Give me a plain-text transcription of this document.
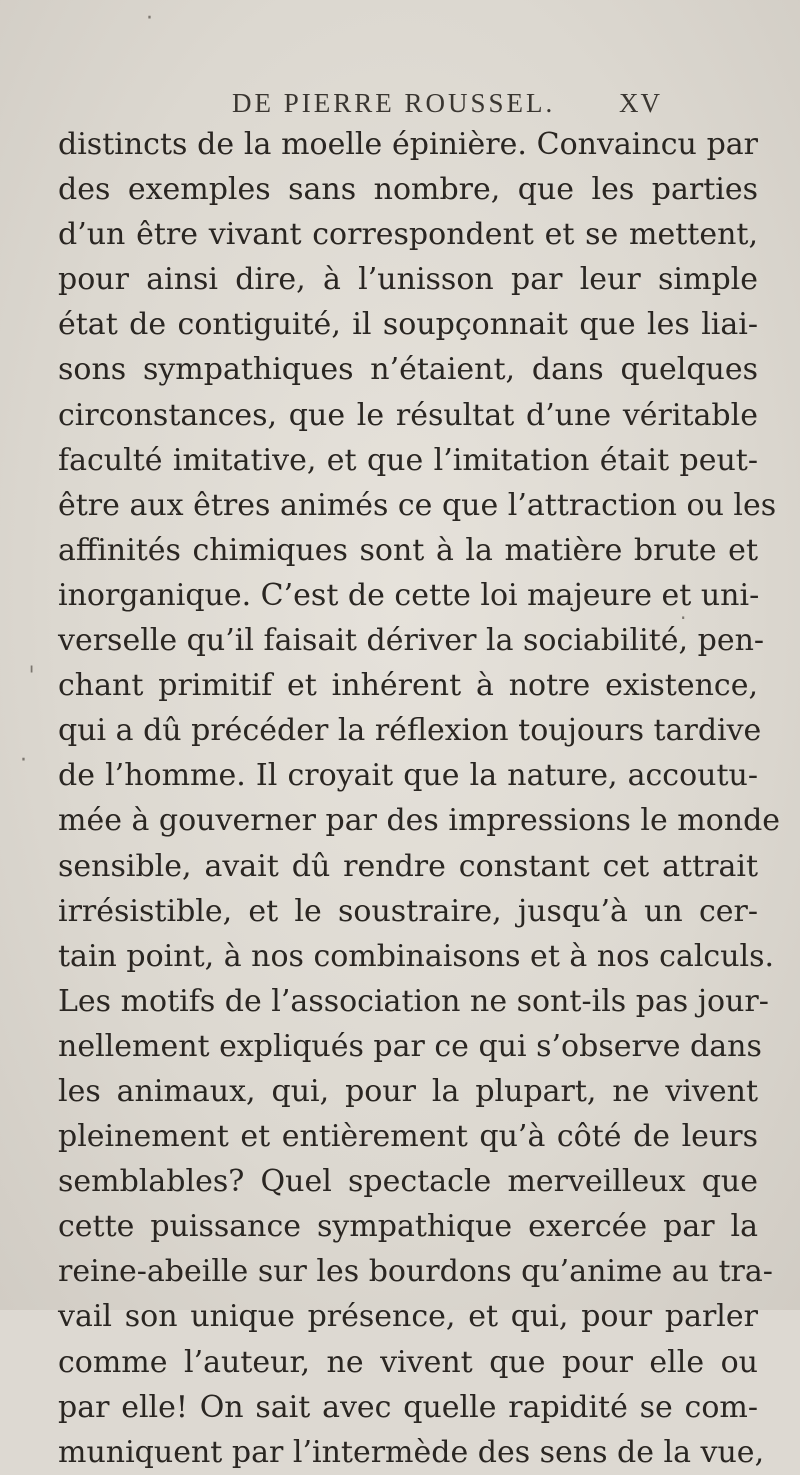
DE PIERRE ROUSSEL. XV
distincts de la moelle épinière. Convaincu par
des exemples sans nombre, que les parties
d’un être vivant correspondent et se mettent,
pour ainsi dire, à l’unisson par leur simple
état de contiguité, il soupçonnait que les liai-
sons sympathiques n’étaient, dans quelques
circonstances, que le résultat d’une véritable
faculté imitative, et que l’imitation était peut-
être aux êtres animés ce que l’attraction ou les
affinités chimiques sont à la matière brute et
inorganique. C’est de cette loi majeure et uni-
verselle qu’il faisait dériver la sociabilité, pen-
chant primitif et inhérent à notre existence,
qui a dû précéder la réflexion toujours tardive
de l’homme. Il croyait que la nature, accoutu-
mée à gouverner par des impressions le monde
sensible, avait dû rendre constant cet attrait
irrésistible, et le soustraire, jusqu’à un cer-
tain point, à nos combinaisons et à nos calculs.
Les motifs de l’association ne sont-ils pas jour-
nellement expliqués par ce qui s’observe dans
les animaux, qui, pour la plupart, ne vivent
pleinement et entièrement qu’à côté de leurs
semblables? Quel spectacle merveilleux que
cette puissance sympathique exercée par la
reine-abeille sur les bourdons qu’anime au tra-
vail son unique présence, et qui, pour parler
comme l’auteur, ne vivent que pour elle ou
par elle! On sait avec quelle rapidité se com-
muniquent par l’intermède des sens de la vue,
·
·
ˈ
·
